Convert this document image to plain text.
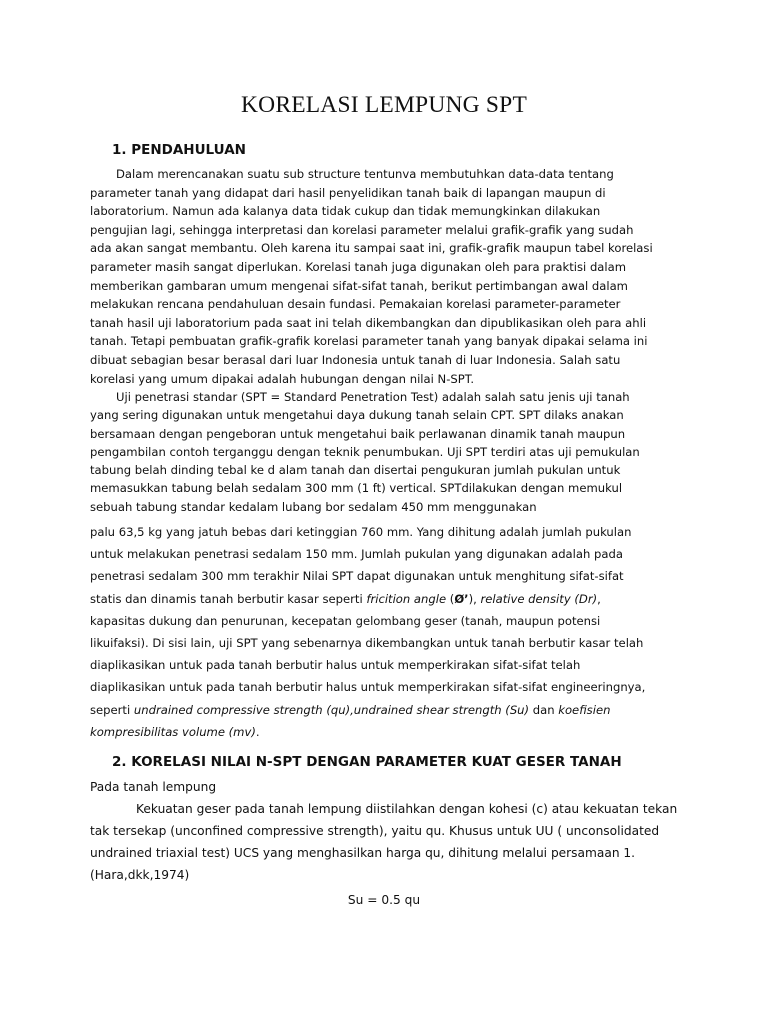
KORELASI LEMPUNG SPT
1. PENDAHULUAN
Dalam merencanakan suatu sub structure tentunva membutuhkan data-data tentang
parameter tanah yang didapat dari hasil penyelidikan tanah baik di lapangan maupun di
laboratorium. Namun ada kalanya data tidak cukup dan tidak memungkinkan dilakukan
pengujian lagi, sehingga interpretasi dan korelasi parameter melalui grafik-grafik yang sudah
ada akan sangat membantu. Oleh karena itu sampai saat ini, grafik-grafik maupun tabel korelasi
parameter masih sangat diperlukan. Korelasi tanah juga digunakan oleh para praktisi dalam
memberikan gambaran umum mengenai sifat-sifat tanah, berikut pertimbangan awal dalam
melakukan rencana pendahuluan desain fundasi. Pemakaian korelasi parameter-parameter
tanah hasil uji laboratorium pada saat ini telah dikembangkan dan dipublikasikan oleh para ahli
tanah. Tetapi pembuatan grafik-grafik korelasi parameter tanah yang banyak dipakai selama ini
dibuat sebagian besar berasal dari luar Indonesia untuk tanah di luar Indonesia. Salah satu
korelasi yang umum dipakai adalah hubungan dengan nilai N-SPT.
Uji penetrasi standar (SPT = Standard Penetration Test) adalah salah satu jenis uji tanah
yang sering digunakan untuk mengetahui daya dukung tanah selain CPT. SPT dilaks anakan
bersamaan dengan pengeboran untuk mengetahui baik perlawanan dinamik tanah maupun
pengambilan contoh terganggu dengan teknik penumbukan. Uji SPT terdiri atas uji pemukulan
tabung belah dinding tebal ke d alam tanah dan disertai pengukuran jumlah pukulan untuk
memasukkan tabung belah sedalam 300 mm (1 ft) vertical. SPTdilakukan dengan memukul
sebuah tabung standar kedalam lubang bor sedalam 450 mm menggunakan
palu 63,5 kg yang jatuh bebas dari ketinggian 760 mm. Yang dihitung adalah jumlah pukulan
untuk melakukan penetrasi sedalam 150 mm. Jumlah pukulan yang digunakan adalah pada
penetrasi sedalam 300 mm terakhir Nilai SPT dapat digunakan untuk menghitung sifat-sifat
statis dan dinamis tanah berbutir kasar seperti fricition angle (Ø’), relative density (Dr),
kapasitas dukung dan penurunan, kecepatan gelombang geser (tanah, maupun potensi
likuifaksi). Di sisi lain, uji SPT yang sebenarnya dikembangkan untuk tanah berbutir kasar telah
diaplikasikan untuk pada tanah berbutir halus untuk memperkirakan sifat-sifat telah
diaplikasikan untuk pada tanah berbutir halus untuk memperkirakan sifat-sifat engineeringnya,
seperti undrained compressive strength (qu),undrained shear strength (Su) dan koefisien
kompresibilitas volume (mv).
2. KORELASI NILAI N-SPT DENGAN PARAMETER KUAT GESER TANAH
Pada tanah lempung
Kekuatan geser pada tanah lempung diistilahkan dengan kohesi (c) atau kekuatan tekan
tak tersekap (unconfined compressive strength), yaitu qu. Khusus untuk UU ( unconsolidated
undrained triaxial test) UCS yang menghasilkan harga qu, dihitung melalui persamaan 1.
(Hara,dkk,1974)
Su = 0.5 qu
